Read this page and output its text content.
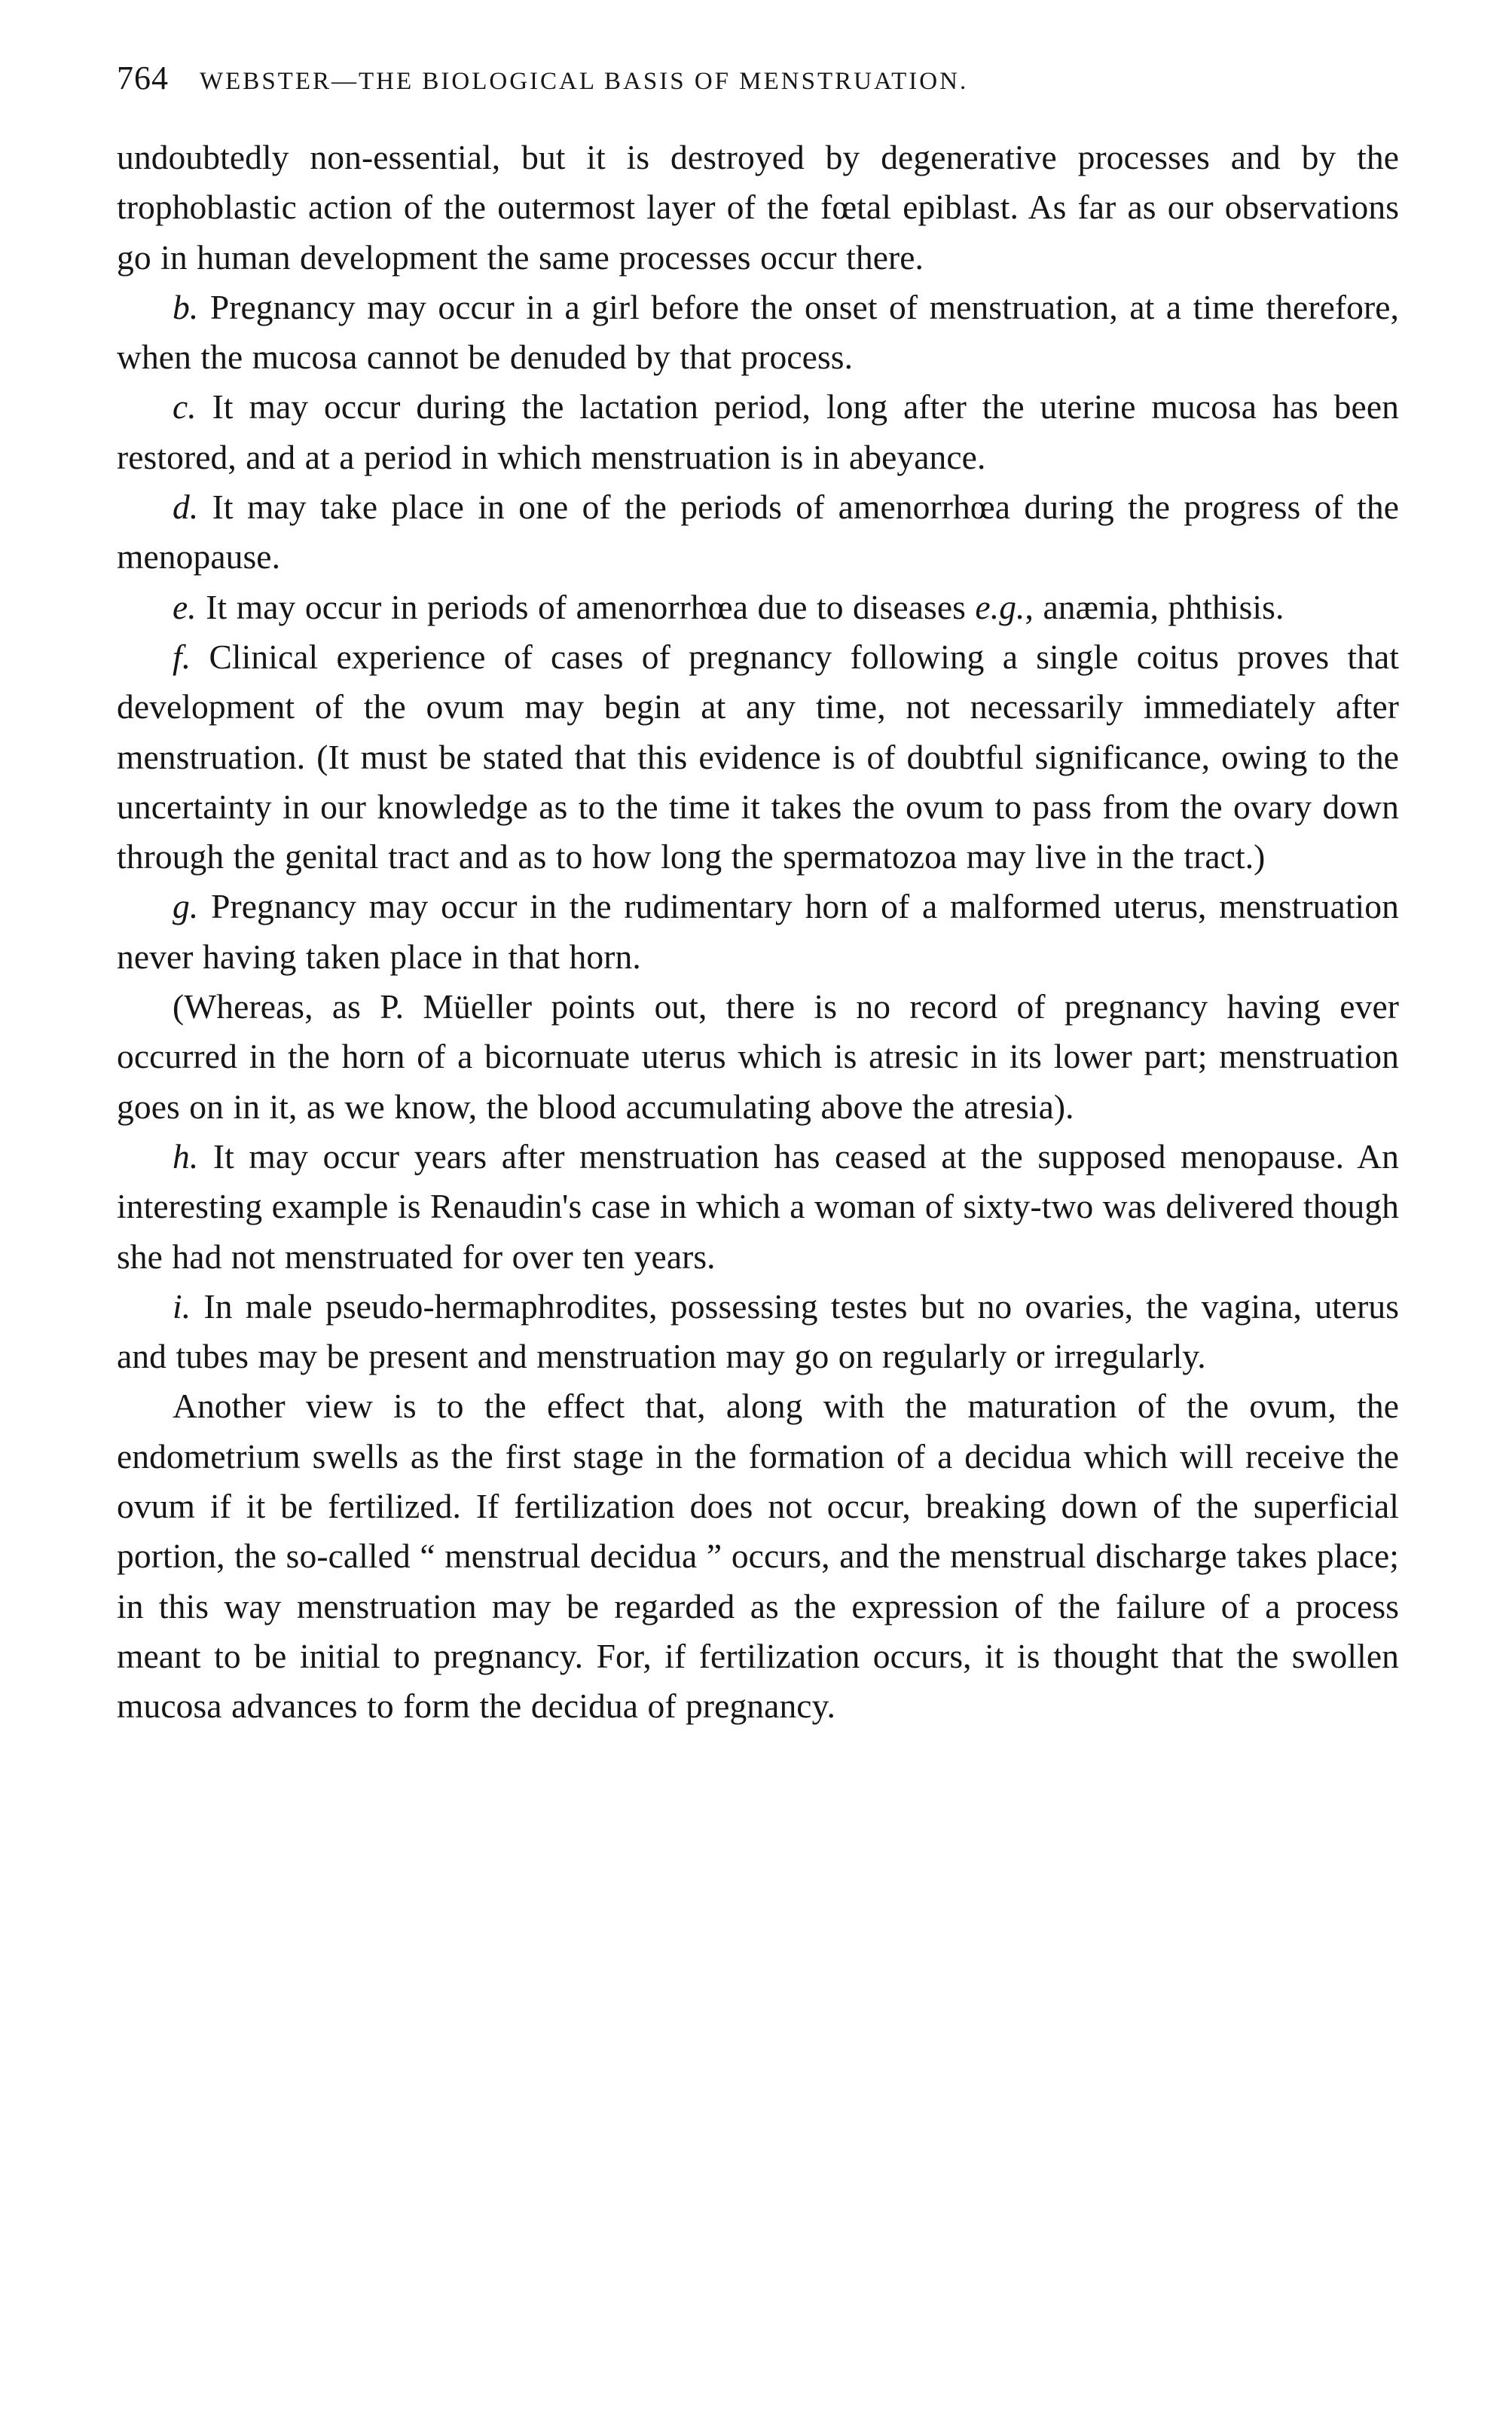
764	WEBSTER—THE BIOLOGICAL BASIS OF MENSTRUATION.

undoubtedly non-essential, but it is destroyed by degenerative processes and by the trophoblastic action of the outermost layer of the fœtal epiblast. As far as our observations go in human development the same processes occur there.

b. Pregnancy may occur in a girl before the onset of menstruation, at a time therefore, when the mucosa cannot be denuded by that process.

c. It may occur during the lactation period, long after the uterine mucosa has been restored, and at a period in which menstruation is in abeyance.

d. It may take place in one of the periods of amenorrhœa during the progress of the menopause.

e. It may occur in periods of amenorrhœa due to diseases e.g., anæmia, phthisis.

f. Clinical experience of cases of pregnancy following a single coitus proves that development of the ovum may begin at any time, not necessarily immediately after menstruation. (It must be stated that this evidence is of doubtful significance, owing to the uncertainty in our knowledge as to the time it takes the ovum to pass from the ovary down through the genital tract and as to how long the spermatozoa may live in the tract.)

g. Pregnancy may occur in the rudimentary horn of a malformed uterus, menstruation never having taken place in that horn.

(Whereas, as P. Müeller points out, there is no record of pregnancy having ever occurred in the horn of a bicornuate uterus which is atresic in its lower part; menstruation goes on in it, as we know, the blood accumulating above the atresia).

h. It may occur years after menstruation has ceased at the supposed menopause. An interesting example is Renaudin's case in which a woman of sixty-two was delivered though she had not menstruated for over ten years.

i. In male pseudo-hermaphrodites, possessing testes but no ovaries, the vagina, uterus and tubes may be present and menstruation may go on regularly or irregularly.

Another view is to the effect that, along with the maturation of the ovum, the endometrium swells as the first stage in the formation of a decidua which will receive the ovum if it be fertilized. If fertilization does not occur, breaking down of the superficial portion, the so-called “ menstrual decidua ” occurs, and the menstrual discharge takes place; in this way menstruation may be regarded as the expression of the failure of a process meant to be initial to pregnancy. For, if fertilization occurs, it is thought that the swollen mucosa advances to form the decidua of pregnancy.
